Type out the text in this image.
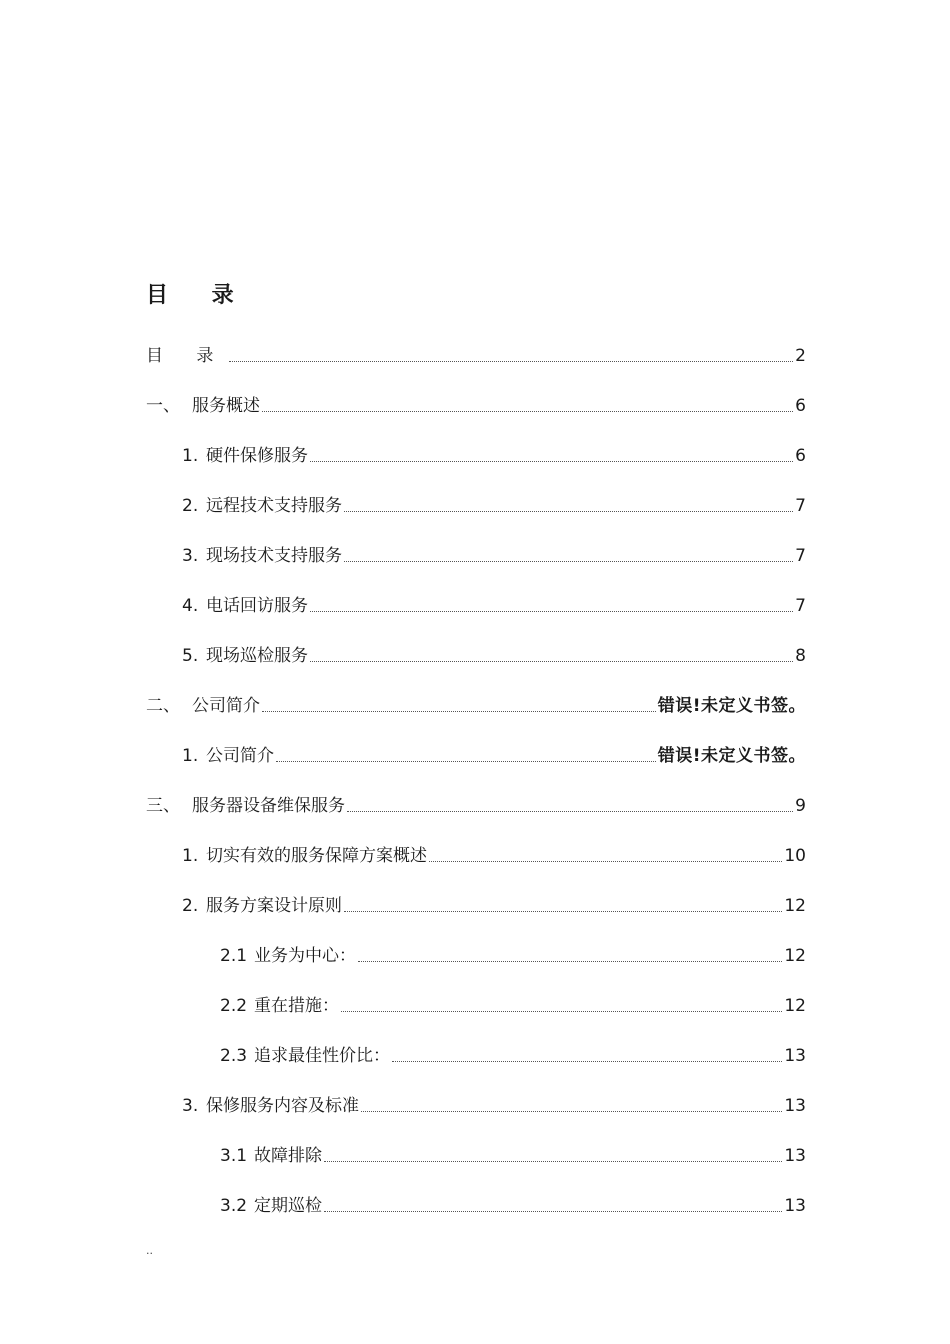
目 录
目 录	2
一、 服务概述	6
1. 硬件保修服务	6
2. 远程技术支持服务	7
3. 现场技术支持服务	7
4. 电话回访服务	7
5. 现场巡检服务	8
二、 公司简介	错误!未定义书签。
1. 公司简介	错误!未定义书签。
三、 服务器设备维保服务	9
1. 切实有效的服务保障方案概述	10
2. 服务方案设计原则	12
2.1 业务为中心：	12
2.2 重在措施：	12
2.3 追求最佳性价比：	13
3. 保修服务内容及标准	13
3.1 故障排除	13
3.2 定期巡检	13
..
